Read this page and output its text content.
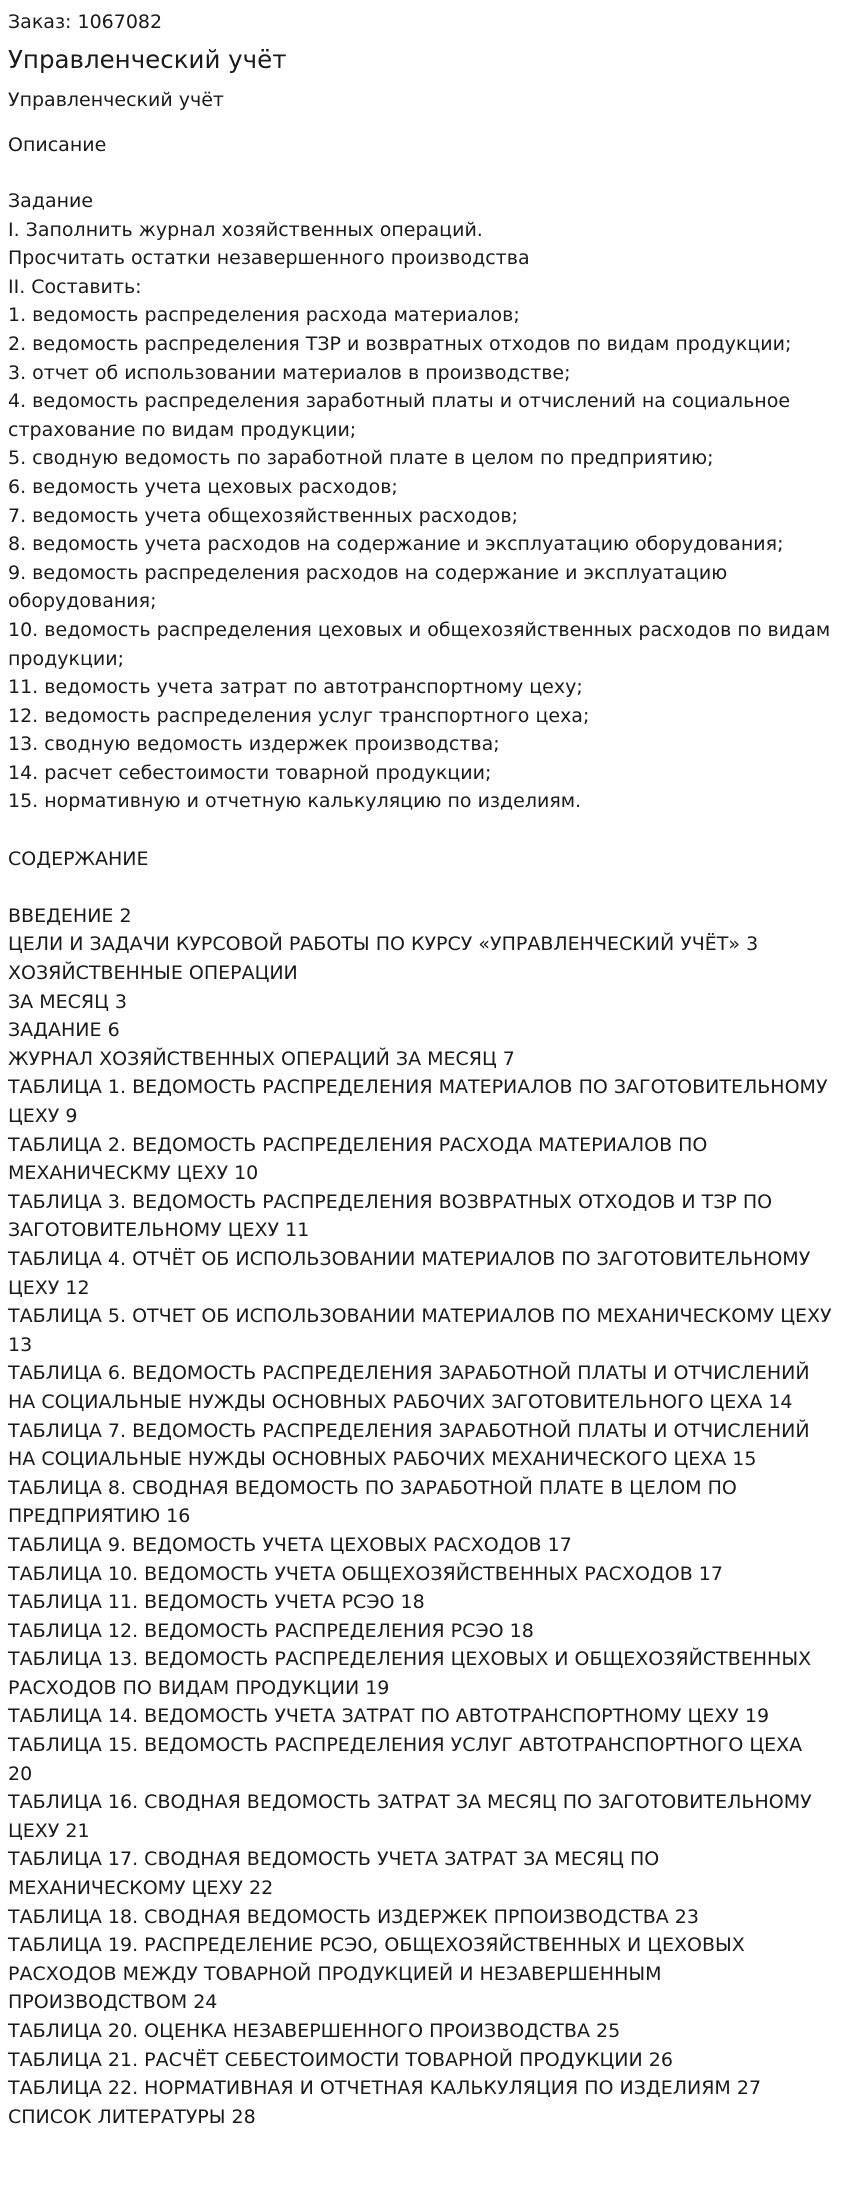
Заказ: 1067082
Управленческий учёт
Управленческий учёт
Описание
Задание
I. Заполнить журнал хозяйственных операций.
Просчитать остатки незавершенного производства
II. Составить:
1. ведомость распределения расхода материалов;
2. ведомость распределения ТЗР и возвратных отходов по видам продукции;
3. отчет об использовании материалов в производстве;
4. ведомость распределения заработный платы и отчислений на социальное страхование по видам продукции;
5. сводную ведомость по заработной плате в целом по предприятию;
6. ведомость учета цеховых расходов;
7. ведомость учета общехозяйственных расходов;
8. ведомость учета расходов на содержание и эксплуатацию оборудования;
9. ведомость распределения расходов на содержание и эксплуатацию оборудования;
10. ведомость распределения цеховых и общехозяйственных расходов по видам продукции;
11. ведомость учета затрат по автотранспортному цеху;
12. ведомость распределения услуг транспортного цеха;
13. сводную ведомость издержек производства;
14. расчет себестоимости товарной продукции;
15. нормативную и отчетную калькуляцию по изделиям.
СОДЕРЖАНИЕ
ВВЕДЕНИЕ 2
ЦЕЛИ И ЗАДАЧИ КУРСОВОЙ РАБОТЫ ПО КУРСУ «УПРАВЛЕНЧЕСКИЙ УЧЁТ» 3
ХОЗЯЙСТВЕННЫЕ ОПЕРАЦИИ
ЗА МЕСЯЦ 3
ЗАДАНИЕ 6
ЖУРНАЛ ХОЗЯЙСТВЕННЫХ ОПЕРАЦИЙ ЗА МЕСЯЦ 7
ТАБЛИЦА 1. ВЕДОМОСТЬ РАСПРЕДЕЛЕНИЯ МАТЕРИАЛОВ ПО ЗАГОТОВИТЕЛЬНОМУ ЦЕХУ 9
ТАБЛИЦА 2. ВЕДОМОСТЬ РАСПРЕДЕЛЕНИЯ РАСХОДА МАТЕРИАЛОВ ПО МЕХАНИЧЕСКМУ ЦЕХУ 10
ТАБЛИЦА 3. ВЕДОМОСТЬ РАСПРЕДЕЛЕНИЯ ВОЗВРАТНЫХ ОТХОДОВ И ТЗР ПО ЗАГОТОВИТЕЛЬНОМУ ЦЕХУ 11
ТАБЛИЦА 4. ОТЧЁТ ОБ ИСПОЛЬЗОВАНИИ МАТЕРИАЛОВ ПО ЗАГОТОВИТЕЛЬНОМУ ЦЕХУ 12
ТАБЛИЦА 5. ОТЧЕТ ОБ ИСПОЛЬЗОВАНИИ МАТЕРИАЛОВ ПО МЕХАНИЧЕСКОМУ ЦЕХУ 13
ТАБЛИЦА 6. ВЕДОМОСТЬ РАСПРЕДЕЛЕНИЯ ЗАРАБОТНОЙ ПЛАТЫ И ОТЧИСЛЕНИЙ НА СОЦИАЛЬНЫЕ НУЖДЫ ОСНОВНЫХ РАБОЧИХ ЗАГОТОВИТЕЛЬНОГО ЦЕХА 14
ТАБЛИЦА 7. ВЕДОМОСТЬ РАСПРЕДЕЛЕНИЯ ЗАРАБОТНОЙ ПЛАТЫ И ОТЧИСЛЕНИЙ НА СОЦИАЛЬНЫЕ НУЖДЫ ОСНОВНЫХ РАБОЧИХ МЕХАНИЧЕСКОГО ЦЕХА 15
ТАБЛИЦА 8. СВОДНАЯ ВЕДОМОСТЬ ПО ЗАРАБОТНОЙ ПЛАТЕ В ЦЕЛОМ ПО ПРЕДПРИЯТИЮ 16
ТАБЛИЦА 9. ВЕДОМОСТЬ УЧЕТА ЦЕХОВЫХ РАСХОДОВ 17
ТАБЛИЦА 10. ВЕДОМОСТЬ УЧЕТА ОБЩЕХОЗЯЙСТВЕННЫХ РАСХОДОВ 17
ТАБЛИЦА 11. ВЕДОМОСТЬ УЧЕТА РСЭО 18
ТАБЛИЦА 12. ВЕДОМОСТЬ РАСПРЕДЕЛЕНИЯ РСЭО 18
ТАБЛИЦА 13. ВЕДОМОСТЬ РАСПРЕДЕЛЕНИЯ ЦЕХОВЫХ И ОБЩЕХОЗЯЙСТВЕННЫХ РАСХОДОВ ПО ВИДАМ ПРОДУКЦИИ 19
ТАБЛИЦА 14. ВЕДОМОСТЬ УЧЕТА ЗАТРАТ ПО АВТОТРАНСПОРТНОМУ ЦЕХУ 19
ТАБЛИЦА 15. ВЕДОМОСТЬ РАСПРЕДЕЛЕНИЯ УСЛУГ АВТОТРАНСПОРТНОГО ЦЕХА 20
ТАБЛИЦА 16. СВОДНАЯ ВЕДОМОСТЬ ЗАТРАТ ЗА МЕСЯЦ ПО ЗАГОТОВИТЕЛЬНОМУ ЦЕХУ 21
ТАБЛИЦА 17. СВОДНАЯ ВЕДОМОСТЬ УЧЕТА ЗАТРАТ ЗА МЕСЯЦ ПО МЕХАНИЧЕСКОМУ ЦЕХУ 22
ТАБЛИЦА 18. СВОДНАЯ ВЕДОМОСТЬ ИЗДЕРЖЕК ПРПОИЗВОДСТВА 23
ТАБЛИЦА 19. РАСПРЕДЕЛЕНИЕ РСЭО, ОБЩЕХОЗЯЙСТВЕННЫХ И ЦЕХОВЫХ РАСХОДОВ МЕЖДУ ТОВАРНОЙ ПРОДУКЦИЕЙ И НЕЗАВЕРШЕННЫМ ПРОИЗВОДСТВОМ 24
ТАБЛИЦА 20. ОЦЕНКА НЕЗАВЕРШЕННОГО ПРОИЗВОДСТВА 25
ТАБЛИЦА 21. РАСЧЁТ СЕБЕСТОИМОСТИ ТОВАРНОЙ ПРОДУКЦИИ 26
ТАБЛИЦА 22. НОРМАТИВНАЯ И ОТЧЕТНАЯ КАЛЬКУЛЯЦИЯ ПО ИЗДЕЛИЯМ 27
СПИСОК ЛИТЕРАТУРЫ 28
